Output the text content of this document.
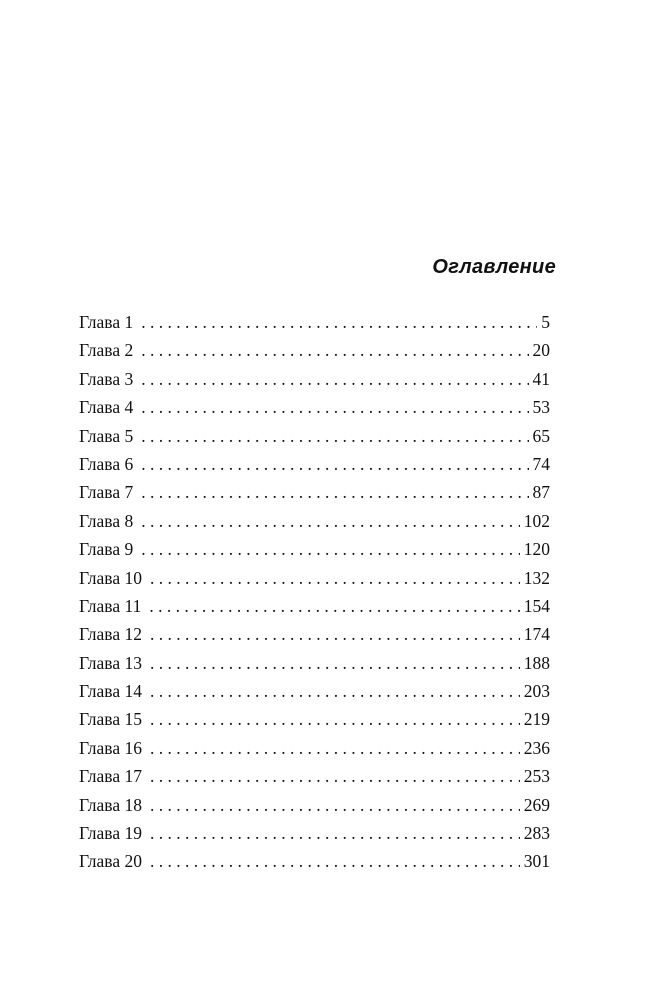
Оглавление
Глава 1 . . .	5
Глава 2 . . .	20
Глава 3 . . .	41
Глава 4 . . .	53
Глава 5 . . .	65
Глава 6 . . .	74
Глава 7 . . .	87
Глава 8 . . .	102
Глава 9 . . .	120
Глава 10 . . .	132
Глава 11 . . .	154
Глава 12 . . .	174
Глава 13 . . .	188
Глава 14 . . .	203
Глава 15 . . .	219
Глава 16 . . .	236
Глава 17 . . .	253
Глава 18 . . .	269
Глава 19 . . .	283
Глава 20 . . .	301
